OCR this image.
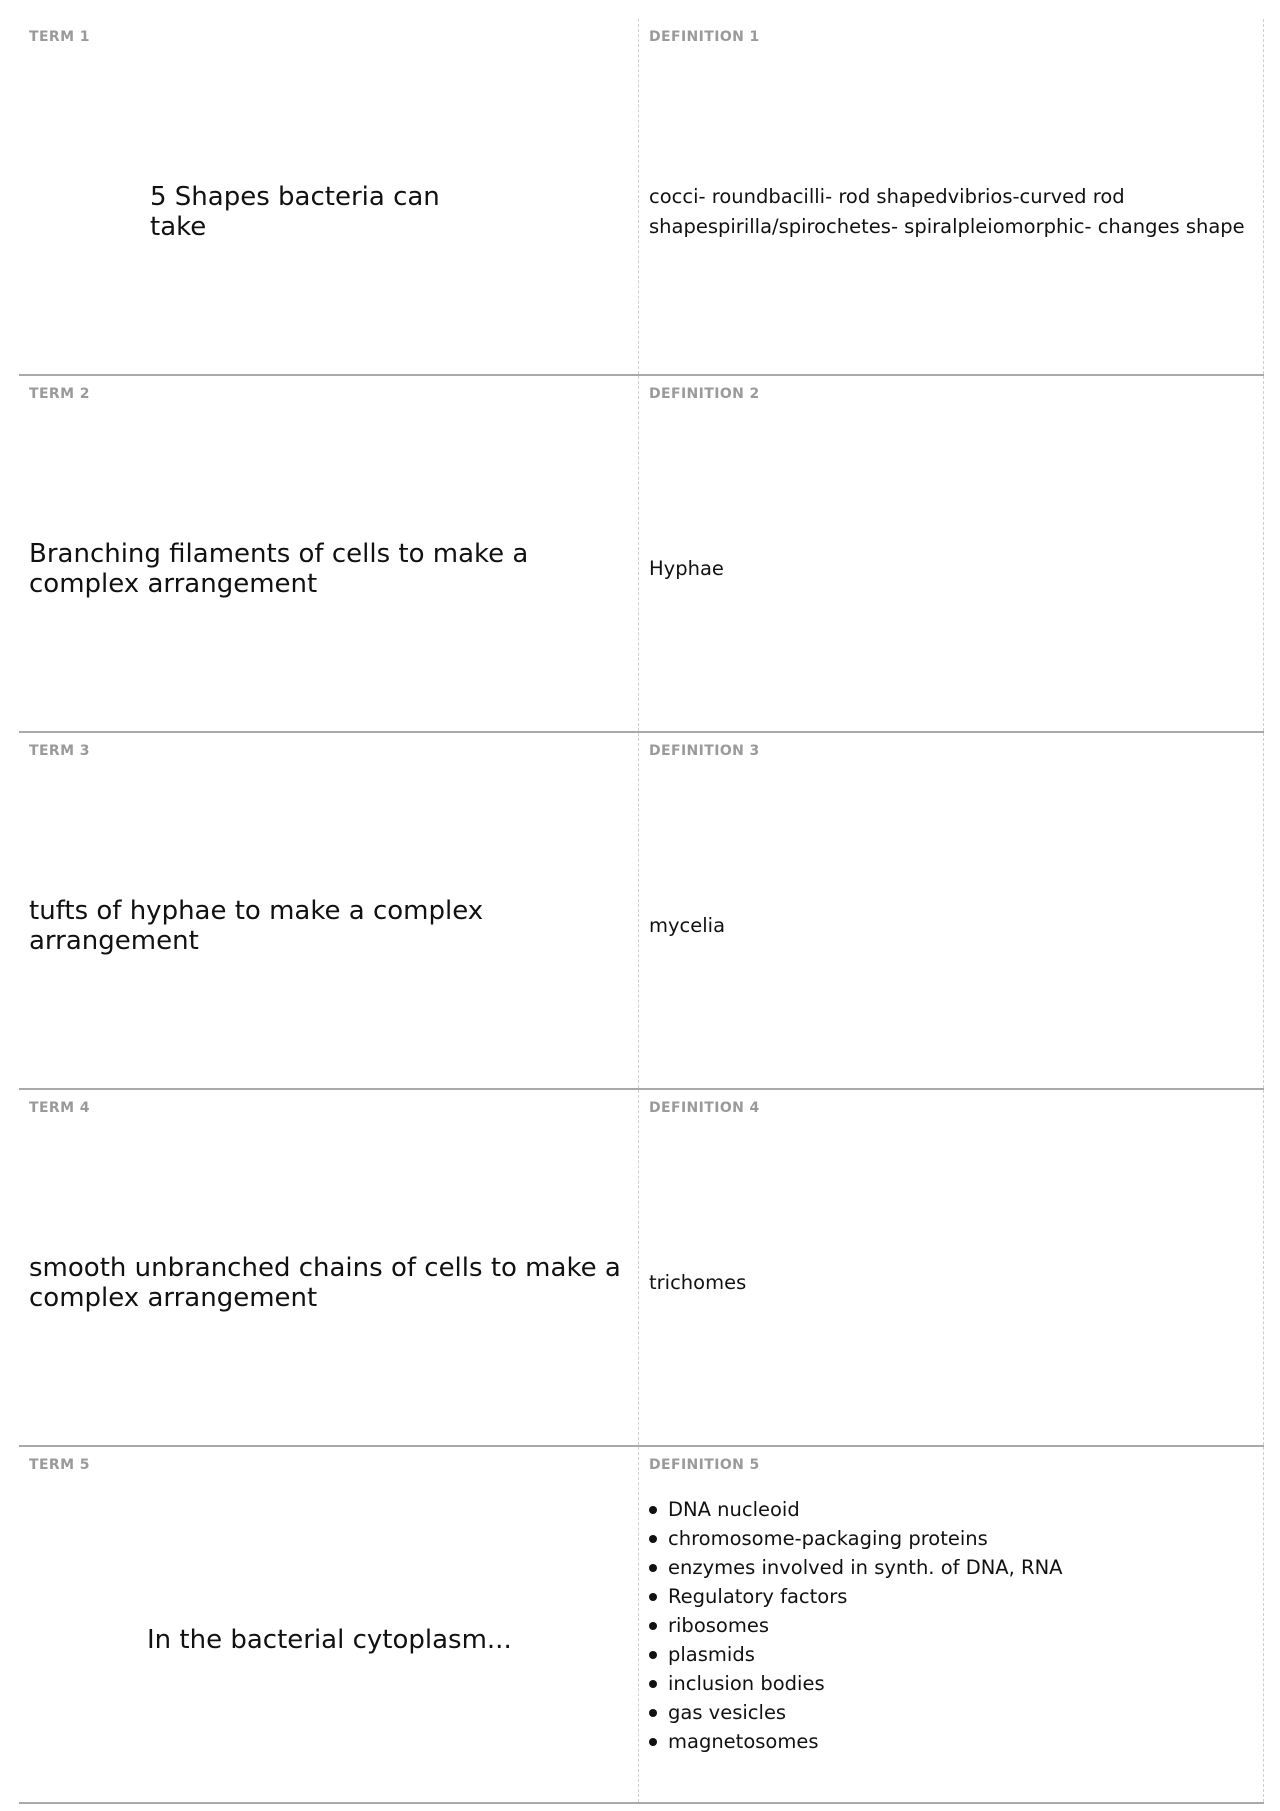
TERM 1
5 Shapes bacteria can take
DEFINITION 1
cocci- roundbacilli- rod shapedvibrios-curved rod shapespirilla/spirochetes- spiralpleiomorphic- changes shape
TERM 2
Branching filaments of cells to make a complex arrangement
DEFINITION 2
Hyphae
TERM 3
tufts of hyphae to make a complex arrangement
DEFINITION 3
mycelia
TERM 4
smooth unbranched chains of cells to make a complex arrangement
DEFINITION 4
trichomes
TERM 5
In the bacterial cytoplasm...
DEFINITION 5
DNA nucleoid
chromosome-packaging proteins
enzymes involved in synth. of DNA, RNA
Regulatory factors
ribosomes
plasmids
inclusion bodies
gas vesicles
magnetosomes
